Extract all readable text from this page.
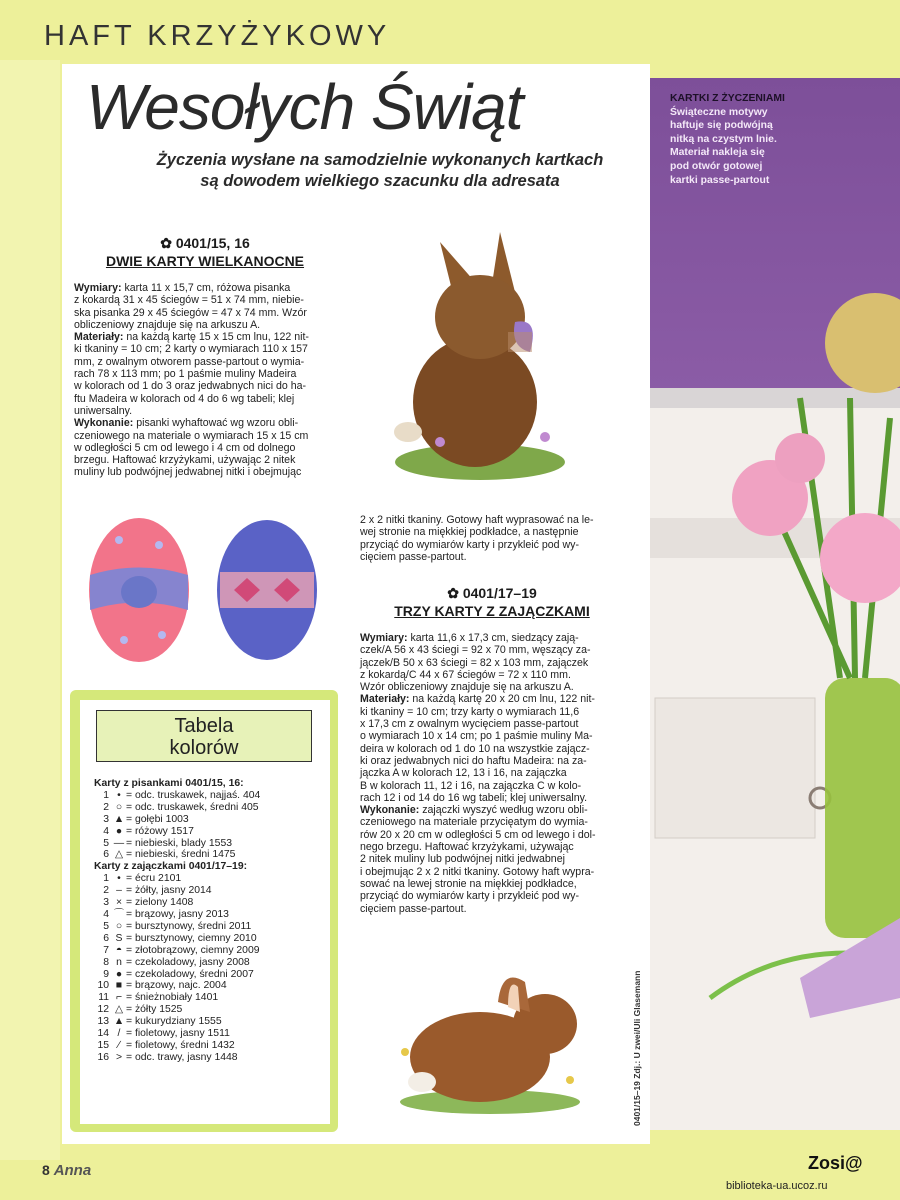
HAFT KRZYŻYKOWY
Wesołych Świąt
Życzenia wysłane na samodzielnie wykonanych kartkach
są dowodem wielkiego szacunku dla adresata
✿ 0401/15, 16
DWIE KARTY WIELKANOCNE
Wymiary: karta 11 x 15,7 cm, różowa pisanka
z kokardą 31 x 45 ściegów = 51 x 74 mm, niebie-
ska pisanka 29 x 45 ściegów = 47 x 74 mm. Wzór
obliczeniowy znajduje się na arkuszu A.
Materiały: na każdą kartę 15 x 15 cm lnu, 122 nit-
ki tkaniny = 10 cm; 2 karty o wymiarach 110 x 157
mm, z owalnym otworem passe-partout o wymia-
rach 78 x 113 mm; po 1 paśmie muliny Madeira
w kolorach od 1 do 3 oraz jedwabnych nici do ha-
ftu Madeira w kolorach od 4 do 6 wg tabeli; klej
uniwersalny.
Wykonanie: pisanki wyhaftować wg wzoru obli-
czeniowego na materiale o wymiarach 15 x 15 cm
w odległości 5 cm od lewego i 4 cm od dolnego
brzegu. Haftować krzyżykami, używając 2 nitek
muliny lub podwójnej jedwabnej nitki i obejmując
KittyKitt
2 x 2 nitki tkaniny. Gotowy haft wyprasować na le-
wej stronie na miękkiej podkładce, a następnie
przyciąć do wymiarów karty i przykleić pod wy-
cięciem passe-partout.
✿ 0401/17–19
TRZY KARTY Z ZAJĄCZKAMI
Wymiary: karta 11,6 x 17,3 cm, siedzący zają-
czek/A 56 x 43 ściegi = 92 x 70 mm, węszący za-
jączek/B 50 x 63 ściegi = 82 x 103 mm, zajączek
z kokardą/C 44 x 67 ściegów = 72 x 110 mm.
Wzór obliczeniowy znajduje się na arkuszu A.
Materiały: na każdą kartę 20 x 20 cm lnu, 122 nit-
ki tkaniny = 10 cm; trzy karty o wymiarach 11,6
x 17,3 cm z owalnym wycięciem passe-partout
o wymiarach 10 x 14 cm; po 1 paśmie muliny Ma-
deira w kolorach od 1 do 10 na wszystkie zającz-
ki oraz jedwabnych nici do haftu Madeira: na za-
jączka A w kolorach 12, 13 i 16, na zajączka
B w kolorach 11, 12 i 16, na zajączka C w kolo-
rach 12 i od 14 do 16 wg tabeli; klej uniwersalny.
Wykonanie: zajączki wyszyć według wzoru obli-
czeniowego na materiale przycięatym do wymia-
rów 20 x 20 cm w odległości 5 cm od lewego i dol-
nego brzegu. Haftować krzyżykami, używając
2 nitek muliny lub podwójnej nitki jedwabnej
i obejmując 2 x 2 nitki tkaniny. Gotowy haft wypra-
sować na lewej stronie na miękkiej podkładce,
przyciąć do wymiarów karty i przykleić pod wy-
cięciem passe-partout.
Tabela
kolorów
Karty z pisankami 0401/15, 16:
1 • = odc. truskawek, najjaś. 404
2 ○ = odc. truskawek, średni 405
3 ▲ = gołębi 1003
4 ● = różowy 1517
5 — = niebieski, blady 1553
6 △ = niebieski, średni 1475
Karty z zajączkami 0401/17–19:
1 • = écru 2101
2 – = żółty, jasny 2014
3 × = zielony 1408
4 ⌒ = brązowy, jasny 2013
5 ○ = bursztynowy, średni 2011
6 S = bursztynowy, ciemny 2010
7 ◓ = złotobrązowy, ciemny 2009
8 n = czekoladowy, jasny 2008
9 ● = czekoladowy, średni 2007
10 ■ = brązowy, najc. 2004
11 ⌐ = śnieżnobiały 1401
12 △ = żółty 1525
13 ▲ = kukurydziany 1555
14 / = fioletowy, jasny 1511
15 ∕ = fioletowy, średni 1432
16 > = odc. trawy, jasny 1448
KARTKI Z ŻYCZENIAMI
Świąteczne motywy
haftuje się podwójną
nitką na czystym lnie.
Materiał nakleja się
pod otwór gotowej
kartki passe-partout
0401/15–19 Zdj.: U zwei/Uli Glasemann
8 Anna	Zosi@
biblioteka-ua.ucoz.ru
